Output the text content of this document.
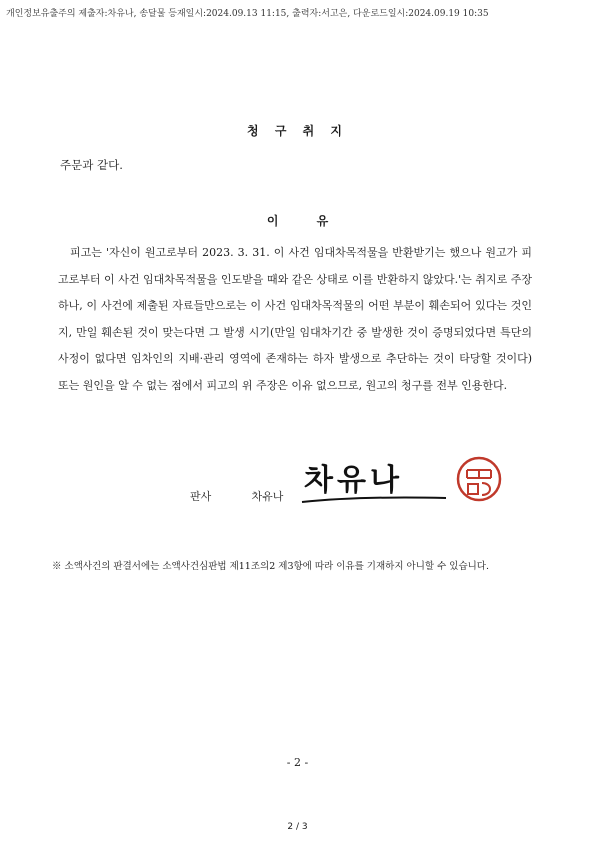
개인정보유출주의 제출자:차유나, 송달물 등재일시:2024.09.13 11:15, 출력자:서고은, 다운로드일시:2024.09.19 10:35
청 구 취 지
주문과 같다.
이 유

피고는 '자신이 원고로부터 2023. 3. 31. 이 사건 임대차목적물을 반환받기는 했으나 원고가 피고로부터 이 사건 임대차목적물을 인도받을 때와 같은 상태로 이를 반환하지 않았다.'는 취지로 주장하나, 이 사건에 제출된 자료들만으로는 이 사건 임대차목적물의 어떤 부분이 훼손되어 있다는 것인지, 만일 훼손된 것이 맞는다면 그 발생 시기(만일 임대차기간 중 발생한 것이 증명되었다면 특단의 사정이 없다면 임차인의 지배·관리 영역에 존재하는 하자 발생으로 추단하는 것이 타당할 것이다) 또는 원인을 알 수 없는 점에서 피고의 위 주장은 이유 없으므로, 원고의 청구를 전부 인용한다.

판사	차유나 차유나
※ 소액사건의 판결서에는 소액사건심판법 제11조의2 제3항에 따라 이유를 기재하지 아니할 수 있습니다.
- 2 -
2 / 3
